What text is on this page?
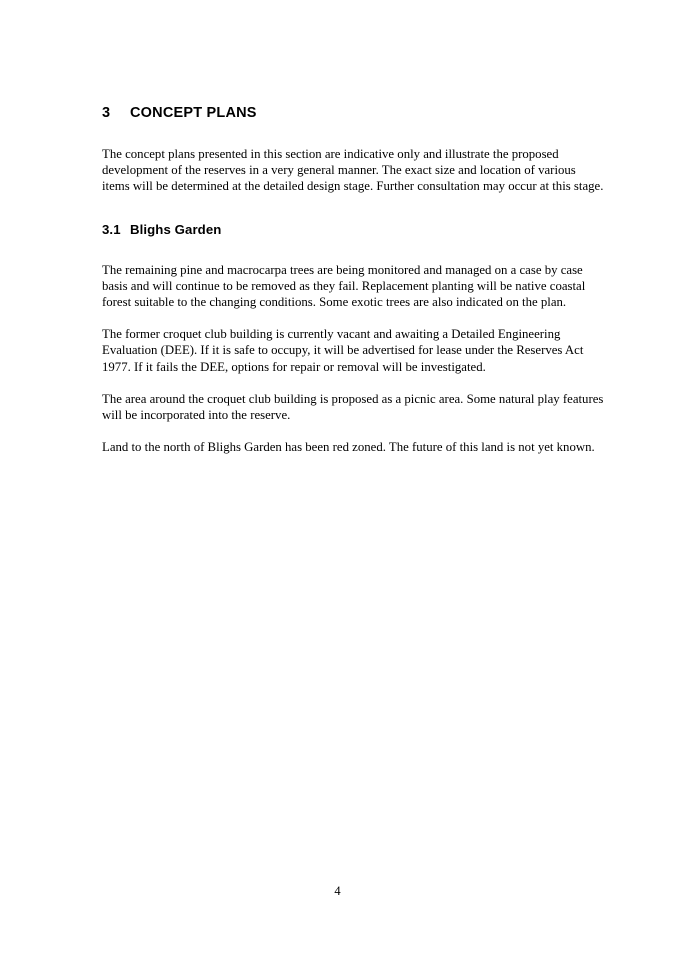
3	CONCEPT PLANS

The concept plans presented in this section are indicative only and illustrate the proposed development of the reserves in a very general manner. The exact size and location of various items will be determined at the detailed design stage. Further consultation may occur at this stage.

3.1 Blighs Garden

The remaining pine and macrocarpa trees are being monitored and managed on a case by case basis and will continue to be removed as they fail. Replacement planting will be native coastal forest suitable to the changing conditions. Some exotic trees are also indicated on the plan.

The former croquet club building is currently vacant and awaiting a Detailed Engineering Evaluation (DEE). If it is safe to occupy, it will be advertised for lease under the Reserves Act 1977. If it fails the DEE, options for repair or removal will be investigated.

The area around the croquet club building is proposed as a picnic area. Some natural play features will be incorporated into the reserve.

Land to the north of Blighs Garden has been red zoned. The future of this land is not yet known.

4
